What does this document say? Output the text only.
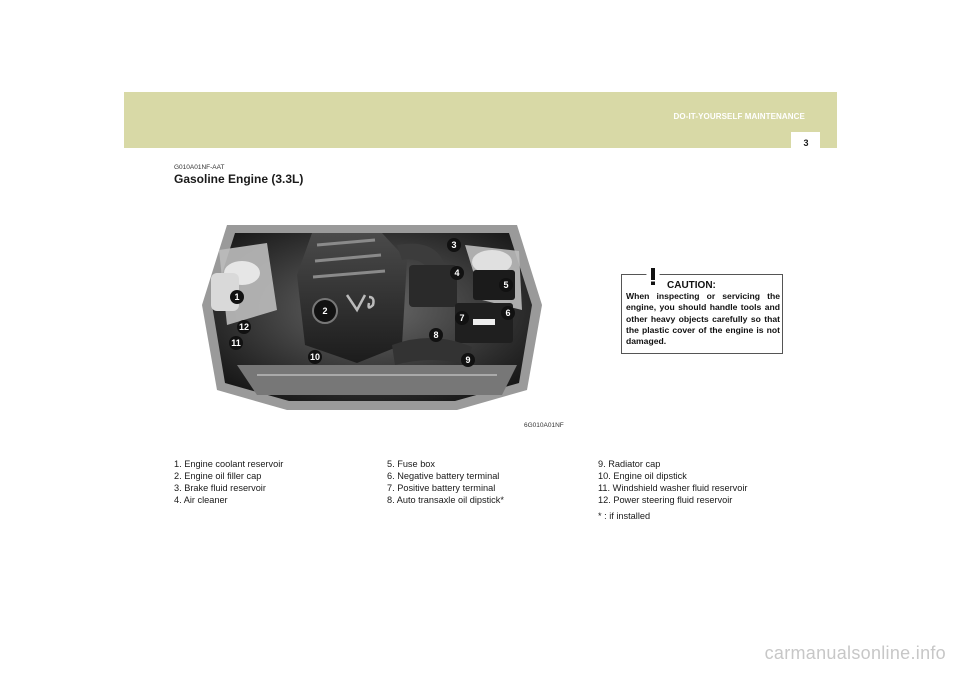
6
DO-IT-YOURSELF MAINTENANCE
3
G010A01NF-AAT
Gasoline Engine (3.3L)
1
2
3
4
5
6
7
8
9
10
11
12
6G010A01NF
CAUTION:
When inspecting or servicing the engine, you should handle tools and other heavy objects carefully so that the plastic cover of the engine is not damaged.
1. Engine coolant reservoir
2. Engine oil filler cap
3. Brake fluid reservoir
4. Air cleaner
5. Fuse box
6. Negative battery terminal
7. Positive battery terminal
8. Auto transaxle oil dipstick*
9. Radiator cap
10. Engine oil dipstick
11. Windshield washer fluid reservoir
12. Power steering fluid reservoir
* : if installed
carmanualsonline.info
